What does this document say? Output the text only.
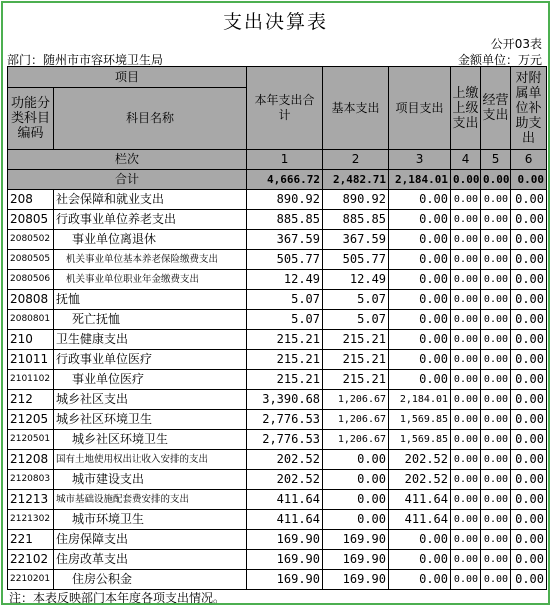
支出决算表
公开03表
部门：随州市市容环境卫生局	金额单位：万元
项目		本年支出合计	基本支出	项目支出	上缴上级支出	经营支出	对附属单位补助支出
功能分类科目编码	科目名称						
栏次		1	2	3	4	5	6
合计		4,666.72	2,482.71	2,184.01	0.00	0.00	0.00
208	社会保障和就业支出	890.92	890.92	0.00	0.00	0.00	0.00
20805	行政事业单位养老支出	885.85	885.85	0.00	0.00	0.00	0.00
2080502	事业单位离退休	367.59	367.59	0.00	0.00	0.00	0.00
2080505	机关事业单位基本养老保险缴费支出	505.77	505.77	0.00	0.00	0.00	0.00
2080506	机关事业单位职业年金缴费支出	12.49	12.49	0.00	0.00	0.00	0.00
20808	抚恤	5.07	5.07	0.00	0.00	0.00	0.00
2080801	死亡抚恤	5.07	5.07	0.00	0.00	0.00	0.00
210	卫生健康支出	215.21	215.21	0.00	0.00	0.00	0.00
21011	行政事业单位医疗	215.21	215.21	0.00	0.00	0.00	0.00
2101102	事业单位医疗	215.21	215.21	0.00	0.00	0.00	0.00
212	城乡社区支出	3,390.68	1,206.67	2,184.01	0.00	0.00	0.00
21205	城乡社区环境卫生	2,776.53	1,206.67	1,569.85	0.00	0.00	0.00
2120501	城乡社区环境卫生	2,776.53	1,206.67	1,569.85	0.00	0.00	0.00
21208	国有土地使用权出让收入安排的支出	202.52	0.00	202.52	0.00	0.00	0.00
2120803	城市建设支出	202.52	0.00	202.52	0.00	0.00	0.00
21213	城市基础设施配套费安排的支出	411.64	0.00	411.64	0.00	0.00	0.00
2121302	城市环境卫生	411.64	0.00	411.64	0.00	0.00	0.00
221	住房保障支出	169.90	169.90	0.00	0.00	0.00	0.00
22102	住房改革支出	169.90	169.90	0.00	0.00	0.00	0.00
2210201	住房公积金	169.90	169.90	0.00	0.00	0.00	0.00
注：本表反映部门本年度各项支出情况。
